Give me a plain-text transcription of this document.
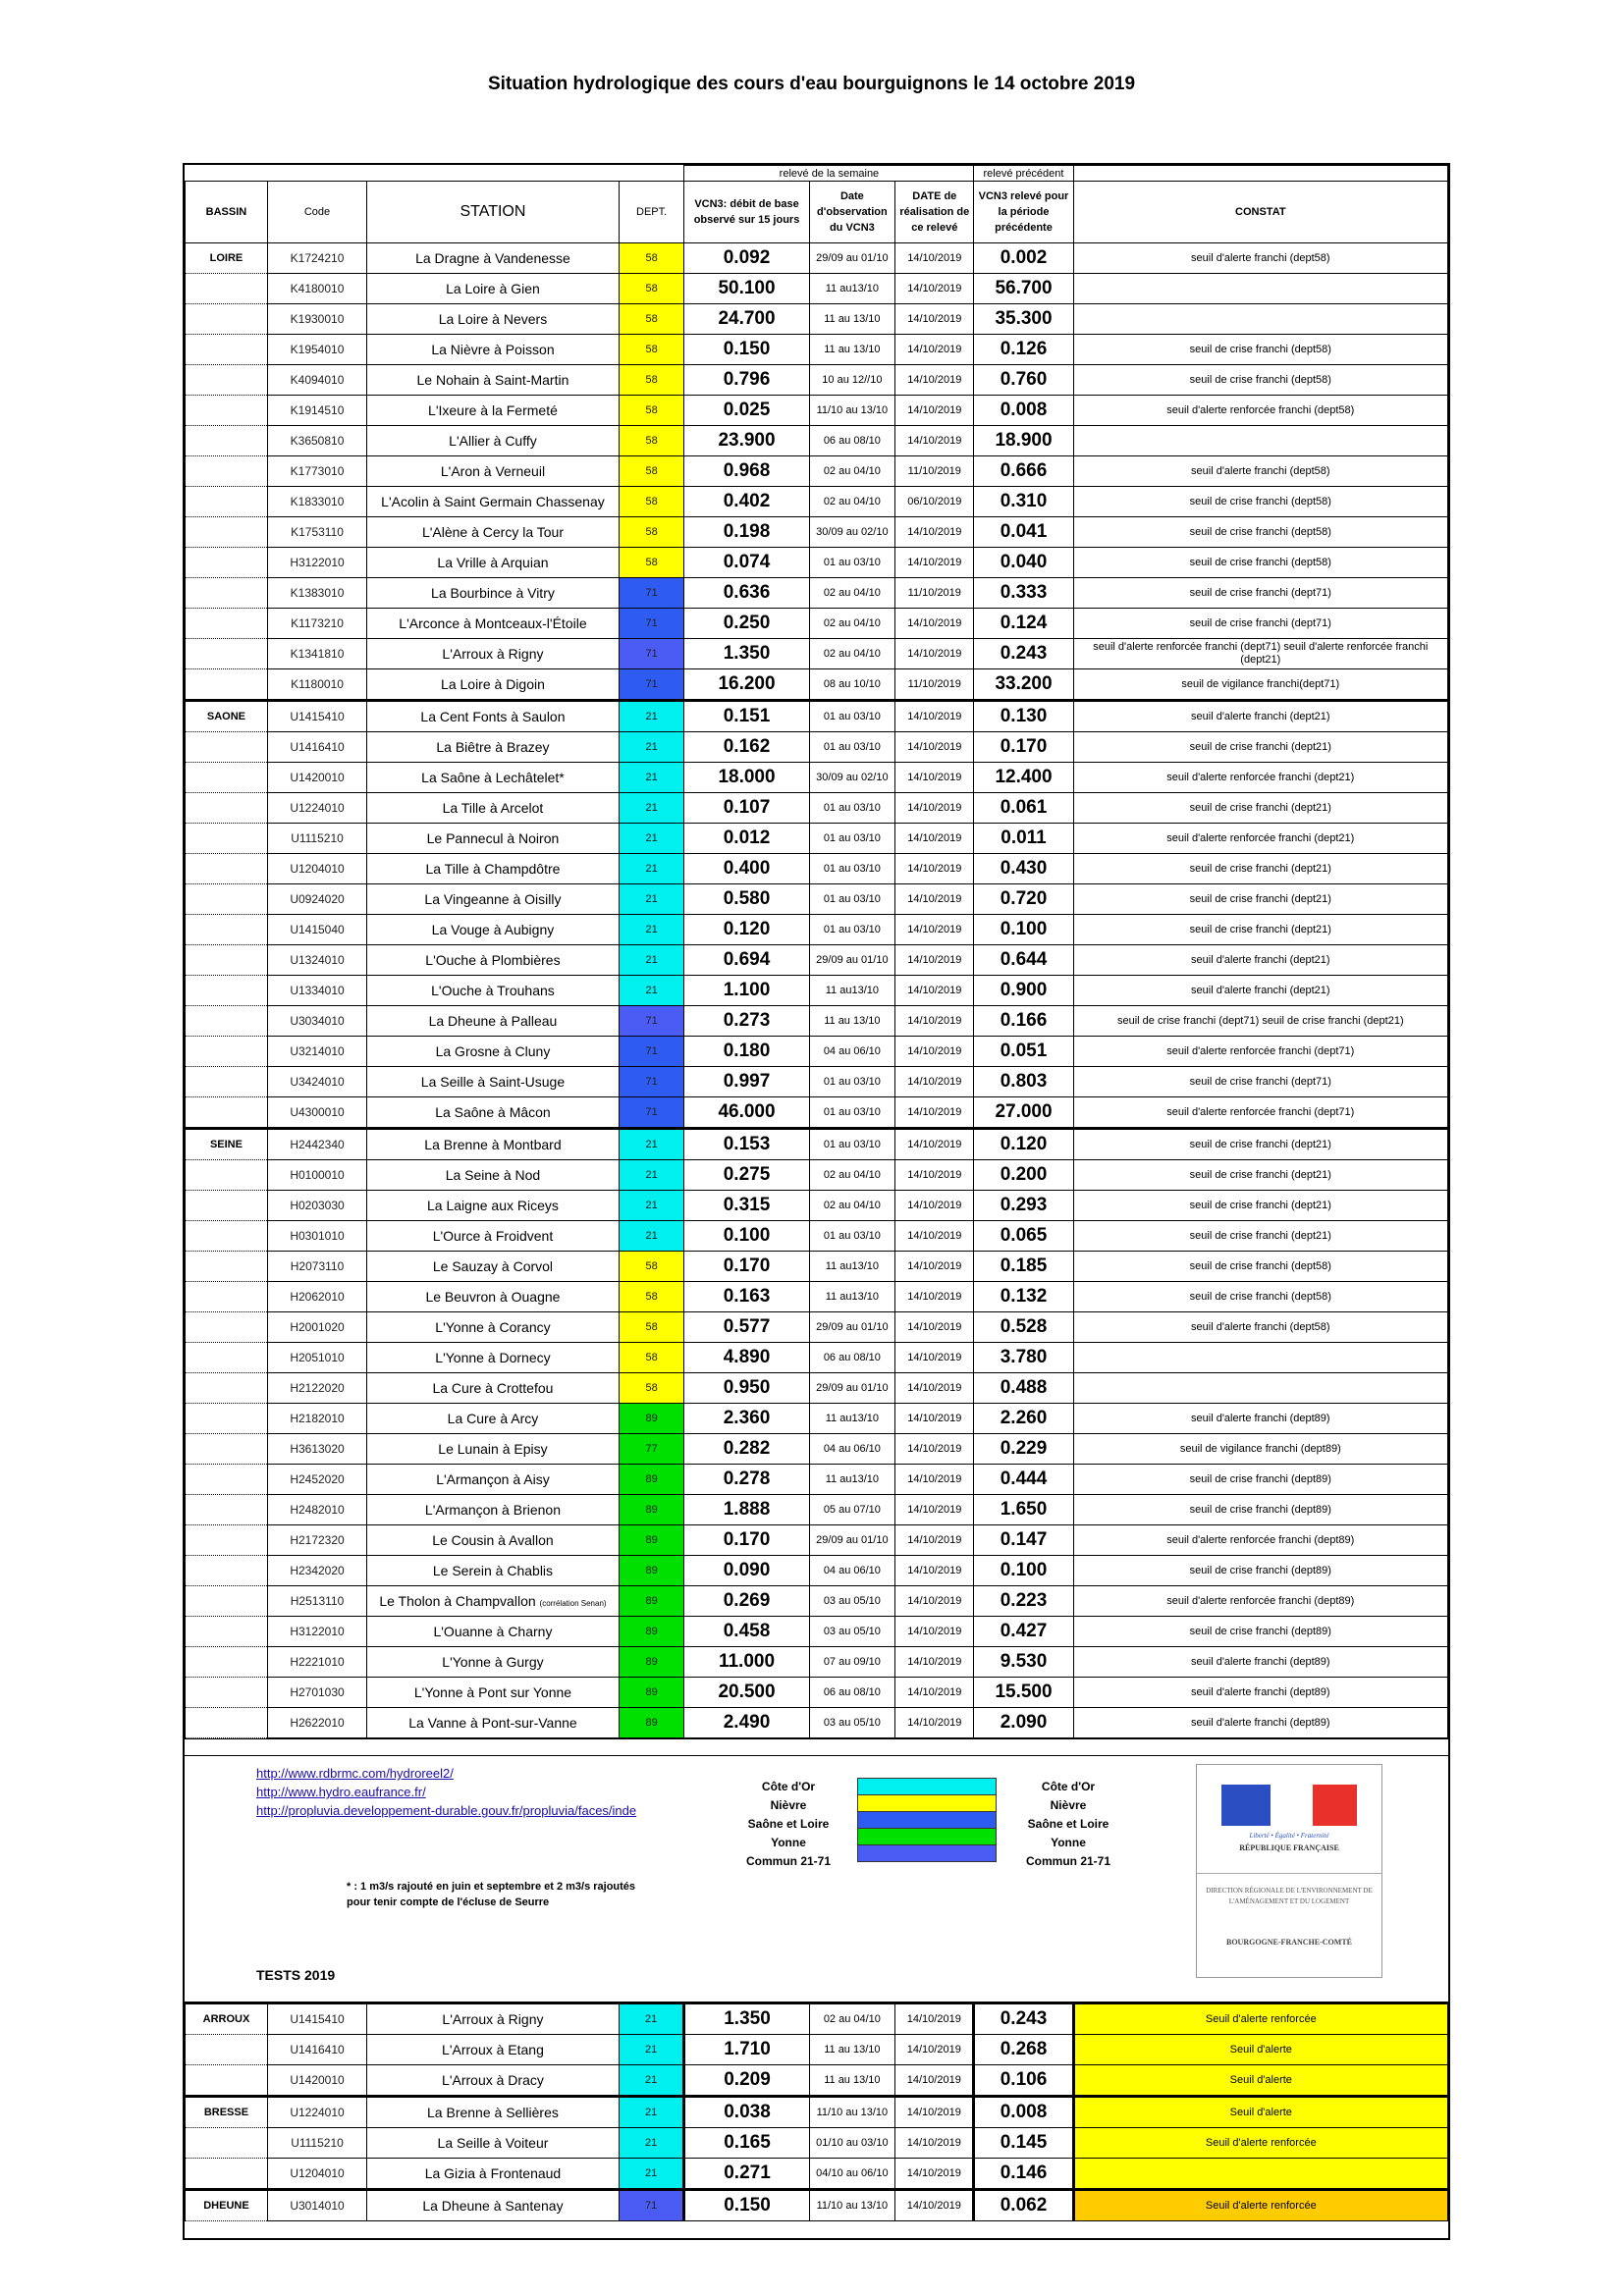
Situation hydrologique des cours d'eau bourguignons le 14 octobre 2019
				relevé de la semaine			relevé précédent	
BASSIN	Code	STATION	DEPT.	VCN3: débit de base observé sur 15 jours	Date d'observation du VCN3	DATE de réalisation de ce relevé	VCN3 relevé pour la période précédente	CONSTAT
LOIRE	K1724210	La Dragne à Vandenesse	58	0.092	29/09 au 01/10	14/10/2019	0.002	seuil d'alerte franchi (dept58)
	K4180010	La Loire à Gien	58	50.100	11 au13/10	14/10/2019	56.700	
	K1930010	La Loire à Nevers	58	24.700	11 au 13/10	14/10/2019	35.300	
	K1954010	La Nièvre à Poisson	58	0.150	11 au 13/10	14/10/2019	0.126	seuil de crise franchi (dept58)
	K4094010	Le Nohain à Saint-Martin	58	0.796	10 au 12//10	14/10/2019	0.760	seuil de crise franchi (dept58)
	K1914510	L'Ixeure à la Fermeté	58	0.025	11/10 au 13/10	14/10/2019	0.008	seuil d'alerte renforcée franchi (dept58)
	K3650810	L'Allier à Cuffy	58	23.900	06 au 08/10	14/10/2019	18.900	
	K1773010	L'Aron à Verneuil	58	0.968	02 au 04/10	11/10/2019	0.666	seuil d'alerte franchi (dept58)
	K1833010	L'Acolin à Saint Germain Chassenay	58	0.402	02 au 04/10	06/10/2019	0.310	seuil de crise franchi (dept58)
	K1753110	L'Alène à Cercy la Tour	58	0.198	30/09 au 02/10	14/10/2019	0.041	seuil de crise franchi (dept58)
	H3122010	La Vrille à Arquian	58	0.074	01 au 03/10	14/10/2019	0.040	seuil de crise franchi (dept58)
	K1383010	La Bourbince à Vitry	71	0.636	02 au 04/10	11/10/2019	0.333	seuil de crise franchi (dept71)
	K1173210	L'Arconce à Montceaux-l'Étoile	71	0.250	02 au 04/10	14/10/2019	0.124	seuil de crise franchi (dept71)
	K1341810	L'Arroux à Rigny	71	1.350	02 au 04/10	14/10/2019	0.243	seuil d'alerte renforcée franchi (dept71) seuil d'alerte renforcée franchi (dept21)
	K1180010	La Loire à Digoin	71	16.200	08 au 10/10	11/10/2019	33.200	seuil de vigilance franchi(dept71)
SAONE	U1415410	La Cent Fonts à Saulon	21	0.151	01 au 03/10	14/10/2019	0.130	seuil d'alerte franchi (dept21)
	U1416410	La Biêtre à Brazey	21	0.162	01 au 03/10	14/10/2019	0.170	seuil de crise franchi (dept21)
	U1420010	La Saône à Lechâtelet*	21	18.000	30/09 au 02/10	14/10/2019	12.400	seuil d'alerte renforcée franchi (dept21)
	U1224010	La Tille à Arcelot	21	0.107	01 au 03/10	14/10/2019	0.061	seuil de crise franchi (dept21)
	U1115210	Le Pannecul à Noiron	21	0.012	01 au 03/10	14/10/2019	0.011	seuil d'alerte renforcée franchi (dept21)
	U1204010	La Tille à Champdôtre	21	0.400	01 au 03/10	14/10/2019	0.430	seuil de crise franchi (dept21)
	U0924020	La Vingeanne à Oisilly	21	0.580	01 au 03/10	14/10/2019	0.720	seuil de crise franchi (dept21)
	U1415040	La Vouge à Aubigny	21	0.120	01 au 03/10	14/10/2019	0.100	seuil de crise franchi (dept21)
	U1324010	L'Ouche à Plombières	21	0.694	29/09 au 01/10	14/10/2019	0.644	seuil d'alerte franchi (dept21)
	U1334010	L'Ouche à Trouhans	21	1.100	11 au13/10	14/10/2019	0.900	seuil d'alerte franchi (dept21)
	U3034010	La Dheune à Palleau	71	0.273	11 au 13/10	14/10/2019	0.166	seuil de crise franchi (dept71) seuil de crise franchi (dept21)
	U3214010	La Grosne à Cluny	71	0.180	04 au 06/10	14/10/2019	0.051	seuil d'alerte renforcée franchi (dept71)
	U3424010	La Seille à Saint-Usuge	71	0.997	01 au 03/10	14/10/2019	0.803	seuil de crise franchi (dept71)
	U4300010	La Saône à Mâcon	71	46.000	01 au 03/10	14/10/2019	27.000	seuil d'alerte renforcée franchi (dept71)
SEINE	H2442340	La Brenne à Montbard	21	0.153	01 au 03/10	14/10/2019	0.120	seuil de crise franchi (dept21)
	H0100010	La Seine à Nod	21	0.275	02 au 04/10	14/10/2019	0.200	seuil de crise franchi (dept21)
	H0203030	La Laigne aux Riceys	21	0.315	02 au 04/10	14/10/2019	0.293	seuil de crise franchi (dept21)
	H0301010	L'Ource à Froidvent	21	0.100	01 au 03/10	14/10/2019	0.065	seuil de crise franchi (dept21)
	H2073110	Le Sauzay à Corvol	58	0.170	11 au13/10	14/10/2019	0.185	seuil de crise franchi (dept58)
	H2062010	Le Beuvron à Ouagne	58	0.163	11 au13/10	14/10/2019	0.132	seuil de crise franchi (dept58)
	H2001020	L'Yonne à Corancy	58	0.577	29/09 au 01/10	14/10/2019	0.528	seuil d'alerte franchi (dept58)
	H2051010	L'Yonne à Dornecy	58	4.890	06 au 08/10	14/10/2019	3.780	
	H2122020	La Cure à Crottefou	58	0.950	29/09 au 01/10	14/10/2019	0.488	
	H2182010	La Cure à Arcy	89	2.360	11 au13/10	14/10/2019	2.260	seuil d'alerte franchi (dept89)
	H3613020	Le Lunain à Episy	77	0.282	04 au 06/10	14/10/2019	0.229	seuil de vigilance franchi (dept89)
	H2452020	L'Armançon à Aisy	89	0.278	11 au13/10	14/10/2019	0.444	seuil de crise franchi (dept89)
	H2482010	L'Armançon à Brienon	89	1.888	05 au 07/10	14/10/2019	1.650	seuil de crise franchi (dept89)
	H2172320	Le Cousin à Avallon	89	0.170	29/09 au 01/10	14/10/2019	0.147	seuil d'alerte renforcée franchi (dept89)
	H2342020	Le Serein à Chablis	89	0.090	04 au 06/10	14/10/2019	0.100	seuil de crise franchi (dept89)
	H2513110	Le Tholon à Champvallon (corrélation Senan)	89	0.269	03 au 05/10	14/10/2019	0.223	seuil d'alerte renforcée franchi (dept89)
	H3122010	L'Ouanne à Charny	89	0.458	03 au 05/10	14/10/2019	0.427	seuil de crise franchi (dept89)
	H2221010	L'Yonne à Gurgy	89	11.000	07 au 09/10	14/10/2019	9.530	seuil d'alerte franchi (dept89)
	H2701030	L'Yonne à Pont sur Yonne	89	20.500	06 au 08/10	14/10/2019	15.500	seuil d'alerte franchi (dept89)
	H2622010	La Vanne à Pont-sur-Vanne	89	2.490	03 au 05/10	14/10/2019	2.090	seuil d'alerte franchi (dept89)
http://www.rdbrmc.com/hydroreel2/
http://www.hydro.eaufrance.fr/
http://propluvia.developpement-durable.gouv.fr/propluvia/faces/inde
Côte d'Or
Nièvre
Saône et Loire
Yonne
Commun 21-71
Côte d'Or
Nièvre
Saône et Loire
Yonne
Commun 21-71
* : 1 m3/s rajouté en juin et septembre et 2 m3/s rajoutés
pour tenir compte de l'écluse de Seurre
TESTS 2019
Liberté • Égalité • Fraternité
RÉPUBLIQUE FRANÇAISE
DIRECTION RÉGIONALE DE L'ENVIRONNEMENT DE L'AMÉNAGEMENT ET DU LOGEMENT
BOURGOGNE-FRANCHE-COMTÉ
ARROUX	U1415410	L'Arroux à Rigny	21	1.350	02 au 04/10	14/10/2019	0.243	Seuil d'alerte renforcée
	U1416410	L'Arroux à Etang	21	1.710	11 au 13/10	14/10/2019	0.268	Seuil d'alerte
	U1420010	L'Arroux à Dracy	21	0.209	11 au 13/10	14/10/2019	0.106	Seuil d'alerte
BRESSE	U1224010	La Brenne à Sellières	21	0.038	11/10 au 13/10	14/10/2019	0.008	Seuil d'alerte
	U1115210	La Seille à Voiteur	21	0.165	01/10 au 03/10	14/10/2019	0.145	Seuil d'alerte renforcée
	U1204010	La Gizia à Frontenaud	21	0.271	04/10 au 06/10	14/10/2019	0.146	
DHEUNE	U3014010	La Dheune à Santenay	71	0.150	11/10 au 13/10	14/10/2019	0.062	Seuil d'alerte renforcée
